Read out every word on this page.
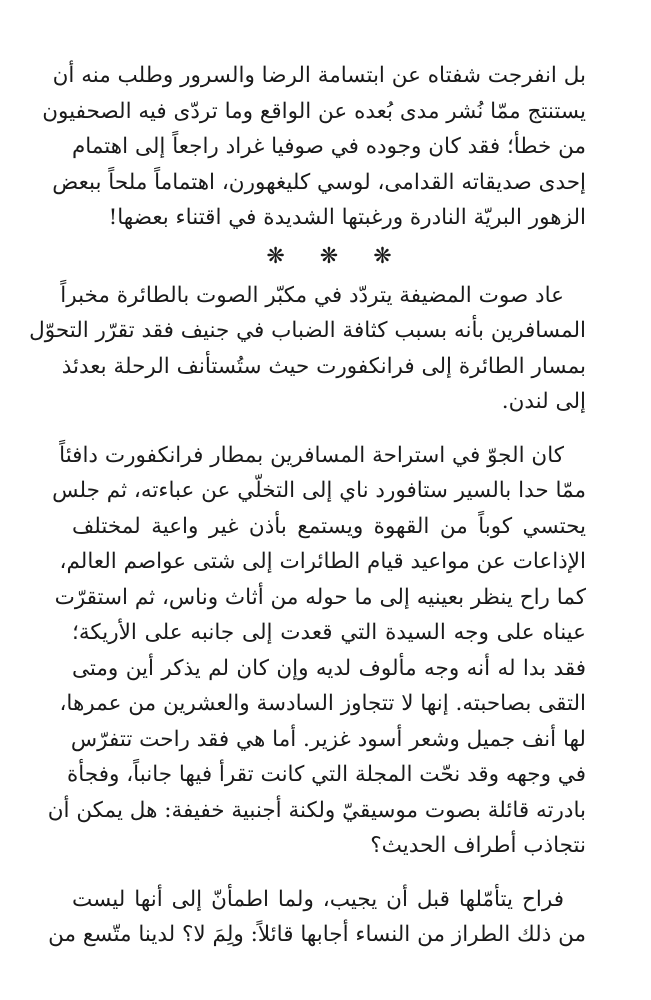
بل انفرجت شفتاه عن ابتسامة الرضا والسرور وطلب منه أن
يستنتج ممّا نُشر مدى بُعده عن الواقع وما تردّى فيه الصحفيون
من خطأ؛ فقد كان وجوده في صوفيا غراد راجعاً إلى اهتمام
إحدى صديقاته القدامى، لوسي كليغهورن، اهتماماً ملحاً ببعض
الزهور البريّة النادرة ورغبتها الشديدة في اقتناء بعضها!
❋ ❋ ❋
عاد صوت المضيفة يتردّد في مكبّر الصوت بالطائرة مخبراً
المسافرين بأنه بسبب كثافة الضباب في جنيف فقد تقرّر التحوّل
بمسار الطائرة إلى فرانكفورت حيث ستُستأنف الرحلة بعدئذ
إلى لندن.
كان الجوّ في استراحة المسافرين بمطار فرانكفورت دافئاً
ممّا حدا بالسير ستافورد ناي إلى التخلّي عن عباءته، ثم جلس
يحتسي كوباً من القهوة ويستمع بأذن غير واعية لمختلف
الإذاعات عن مواعيد قيام الطائرات إلى شتى عواصم العالم،
كما راح ينظر بعينيه إلى ما حوله من أثاث وناس، ثم استقرّت
عيناه على وجه السيدة التي قعدت إلى جانبه على الأريكة؛
فقد بدا له أنه وجه مألوف لديه وإن كان لم يذكر أين ومتى
التقى بصاحبته. إنها لا تتجاوز السادسة والعشرين من عمرها،
لها أنف جميل وشعر أسود غزير. أما هي فقد راحت تتفرّس
في وجهه وقد نحّت المجلة التي كانت تقرأ فيها جانباً، وفجأة
بادرته قائلة بصوت موسيقيّ ولكنة أجنبية خفيفة: هل يمكن أن
نتجاذب أطراف الحديث؟
فراح يتأمّلها قبل أن يجيب، ولما اطمأنّ إلى أنها ليست
من ذلك الطراز من النساء أجابها قائلاً: ولِمَ لا؟ لدينا متّسع من
